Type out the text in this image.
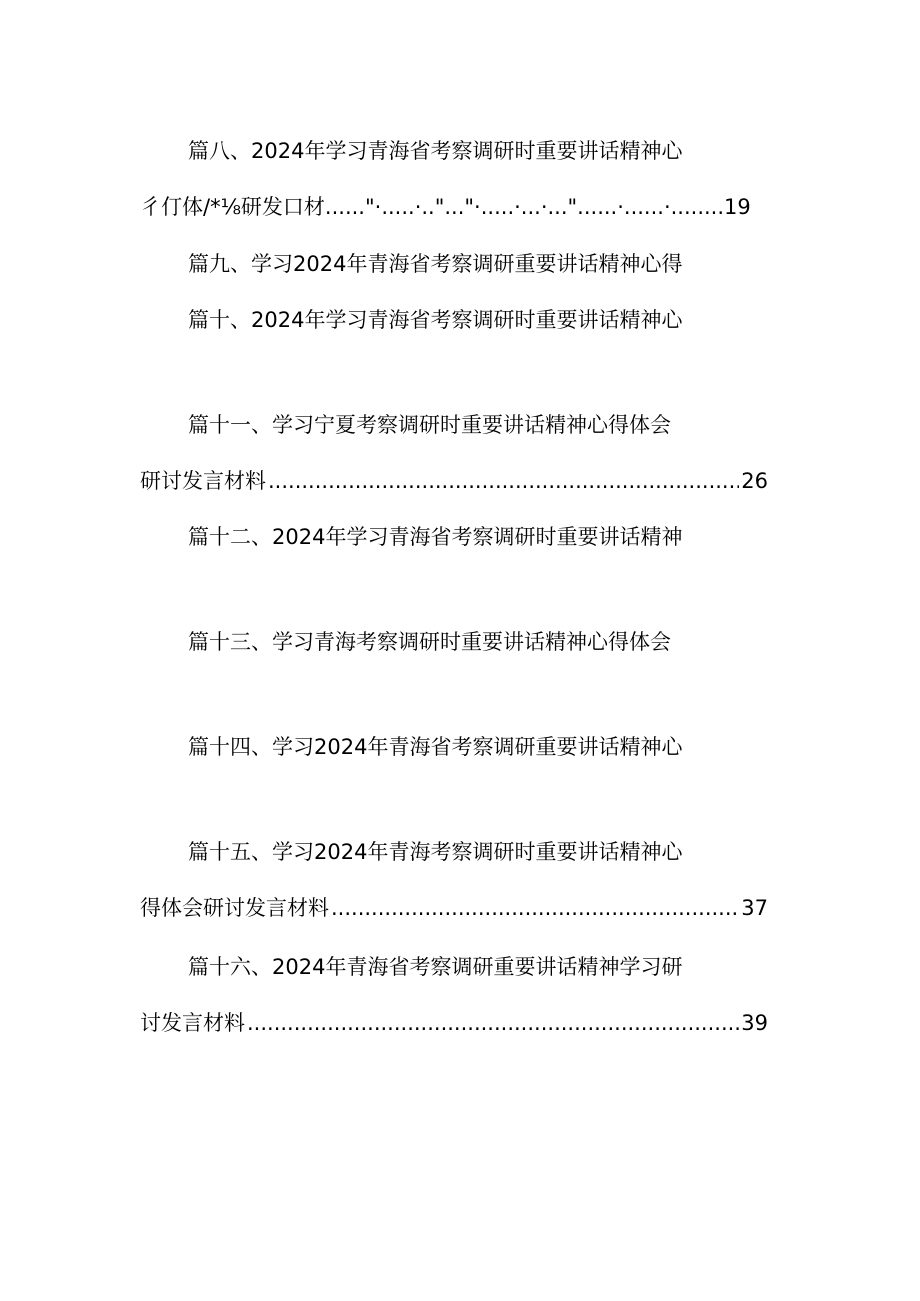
篇八、2024年学习青海省考察调研时重要讲话精神心
彳仃体/*⅛研发口材......"·.....·.."..."·.....·...·..."......·......·........19
篇九、学习2024年青海省考察调研重要讲话精神心得
篇十、2024年学习青海省考察调研时重要讲话精神心
篇十一、学习宁夏考察调研时重要讲话精神心得体会
研讨发言材料 .....	26
篇十二、2024年学习青海省考察调研时重要讲话精神
篇十三、学习青海考察调研时重要讲话精神心得体会
篇十四、学习2024年青海省考察调研重要讲话精神心
篇十五、学习2024年青海考察调研时重要讲话精神心
得体会研讨发言材料 .....	37
篇十六、2024年青海省考察调研重要讲话精神学习研
讨发言材料 .....	39
